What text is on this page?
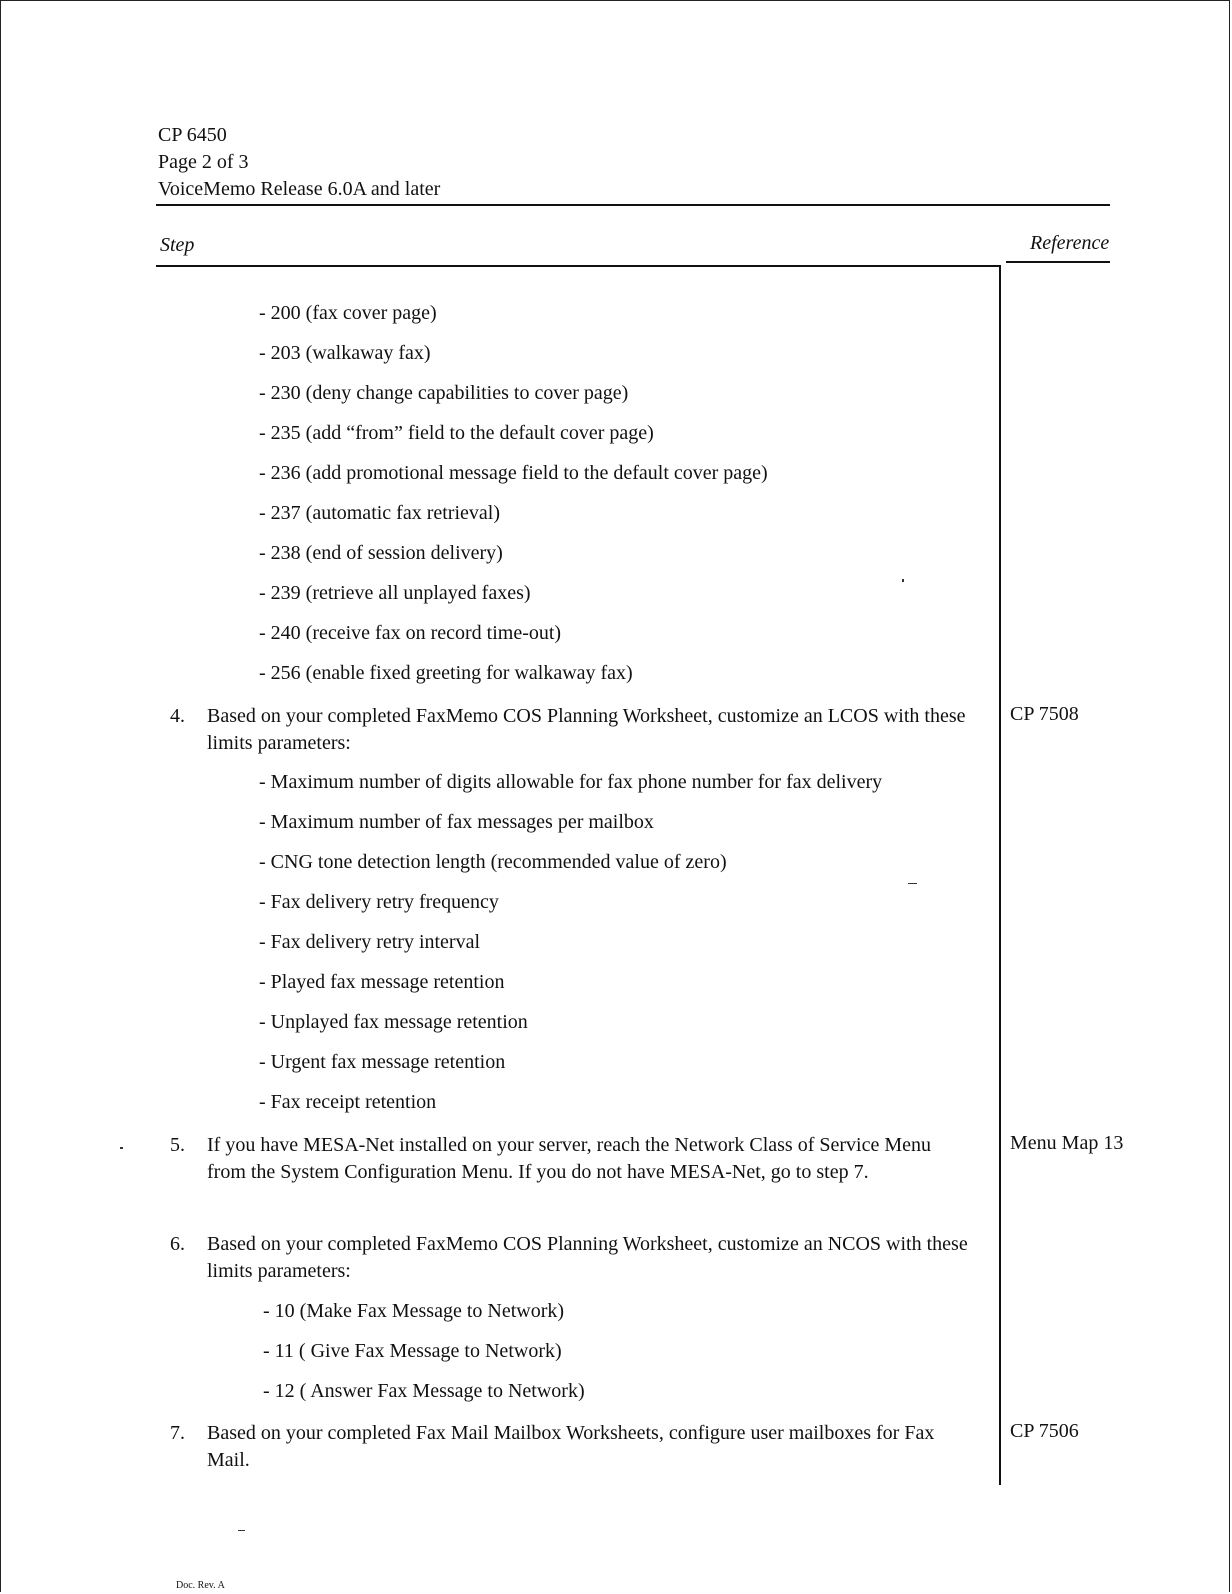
CP 6450
Page 2 of 3
VoiceMemo Release 6.0A and later
Step	Reference
- 200 (fax cover page)
- 203 (walkaway fax)
- 230 (deny change capabilities to cover page)
- 235 (add “from” field to the default cover page)
- 236 (add promotional message field to the default cover page)
- 237 (automatic fax retrieval)
- 238 (end of session delivery)
- 239 (retrieve all unplayed faxes)
- 240 (receive fax on record time-out)
- 256 (enable fixed greeting for walkaway fax)
4. Based on your completed FaxMemo COS Planning Worksheet, customize an LCOS with these limits parameters:
CP 7508
- Maximum number of digits allowable for fax phone number for fax delivery
- Maximum number of fax messages per mailbox
- CNG tone detection length (recommended value of zero)
- Fax delivery retry frequency
- Fax delivery retry interval
- Played fax message retention
- Unplayed fax message retention
- Urgent fax message retention
- Fax receipt retention
5. If you have MESA-Net installed on your server, reach the Network Class of Service Menu from the System Configuration Menu. If you do not have MESA-Net, go to step 7.
Menu Map 13
6. Based on your completed FaxMemo COS Planning Worksheet, customize an NCOS with these limits parameters:
- 10 (Make Fax Message to Network)
- 11 ( Give Fax Message to Network)
- 12 ( Answer Fax Message to Network)
7. Based on your completed Fax Mail Mailbox Worksheets, configure user mailboxes for Fax Mail.
CP 7506
Doc. Rev. A
